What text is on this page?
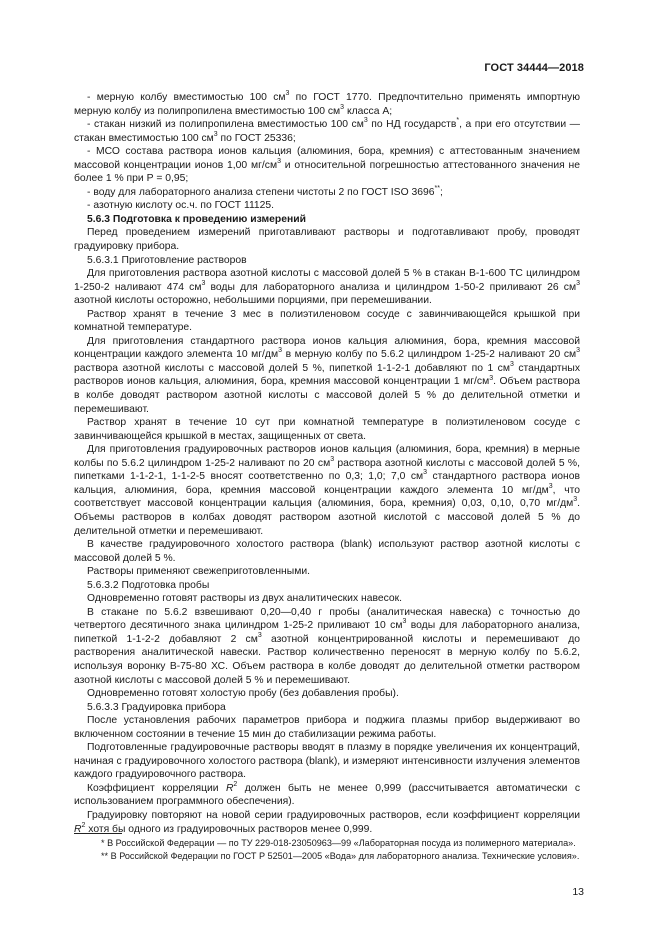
ГОСТ 34444—2018

- мерную колбу вместимостью 100 $см^3$ по ГОСТ 1770. Предпочтительно применять импортную мерную колбу из полипропилена вместимостью 100 $см^3$ класса А;

- стакан низкий из полипропилена вместимостью 100 $см^3$ по НД государств*, а при его отсутствии — стакан вместимостью 100 $см^3$ по ГОСТ 25336;

- МСО состава раствора ионов кальция (алюминия, бора, кремния) с аттестованным значением массовой концентрации ионов 1,00 $мг/см^3$ и относительной погрешностью аттестованного значения не более 1 % при Р = 0,95;

- воду для лабораторного анализа степени чистоты 2 по ГОСТ ISO 3696**;

- азотную кислоту ос.ч. по ГОСТ 11125.

5.6.3 Подготовка к проведению измерений

Перед проведением измерений приготавливают растворы и подготавливают пробу, проводят градуировку прибора.

5.6.3.1 Приготовление растворов

Для приготовления раствора азотной кислоты с массовой долей 5 % в стакан В-1-600 ТС цилиндром 1-250-2 наливают 474 $см^3$ воды для лабораторного анализа и цилиндром 1-50-2 приливают 26 $см^3$ азотной кислоты осторожно, небольшими порциями, при перемешивании.

Раствор хранят в течение 3 мес в полиэтиленовом сосуде с завинчивающейся крышкой при комнатной температуре.

Для приготовления стандартного раствора ионов кальция алюминия, бора, кремния массовой концентрации каждого элемента 10 $мг/дм^3$ в мерную колбу по 5.6.2 цилиндром 1-25-2 наливают 20 $см^3$ раствора азотной кислоты с массовой долей 5 %, пипеткой 1-1-2-1 добавляют по 1 $см^3$ стандартных растворов ионов кальция, алюминия, бора, кремния массовой концентрации 1 $мг/см^3$. Объем раствора в колбе доводят раствором азотной кислоты с массовой долей 5 % до делительной отметки и перемешивают.

Раствор хранят в течение 10 сут при комнатной температуре в полиэтиленовом сосуде с завинчивающейся крышкой в местах, защищенных от света.

Для приготовления градуировочных растворов ионов кальция (алюминия, бора, кремния) в мерные колбы по 5.6.2 цилиндром 1-25-2 наливают по 20 $см^3$ раствора азотной кислоты с массовой долей 5 %, пипетками 1-1-2-1, 1-1-2-5 вносят соответственно по 0,3; 1,0; 7,0 $см^3$ стандартного раствора ионов кальция, алюминия, бора, кремния массовой концентрации каждого элемента 10 $мг/дм^3$, что соответствует массовой концентрации кальция (алюминия, бора, кремния) 0,03, 0,10, 0,70 $мг/дм^3$. Объемы растворов в колбах доводят раствором азотной кислотой с массовой долей 5 % до делительной отметки и перемешивают.

В качестве градуировочного холостого раствора (blank) используют раствор азотной кислоты с массовой долей 5 %.

Растворы применяют свежеприготовленными.

5.6.3.2 Подготовка пробы

Одновременно готовят растворы из двух аналитических навесок.

В стакане по 5.6.2 взвешивают 0,20—0,40 г пробы (аналитическая навеска) с точностью до четвертого десятичного знака цилиндром 1-25-2 приливают 10 $см^3$ воды для лабораторного анализа, пипеткой 1-1-2-2 добавляют 2 $см^3$ азотной концентрированной кислоты и перемешивают до растворения аналитической навески. Раствор количественно переносят в мерную колбу по 5.6.2, используя воронку В-75-80 ХС. Объем раствора в колбе доводят до делительной отметки раствором азотной кислоты с массовой долей 5 % и перемешивают.

Одновременно готовят холостую пробу (без добавления пробы).

5.6.3.3 Градуировка прибора

После установления рабочих параметров прибора и поджига плазмы прибор выдерживают во включенном состоянии в течение 15 мин до стабилизации режима работы.

Подготовленные градуировочные растворы вводят в плазму в порядке увеличения их концентраций, начиная с градуировочного холостого раствора (blank), и измеряют интенсивности излучения элементов каждого градуировочного раствора.

Коэффициент корреляции $R^2$ должен быть не менее 0,999 (рассчитывается автоматически с использованием программного обеспечения).

Градуировку повторяют на новой серии градуировочных растворов, если коэффициент корреляции $R^2$ хотя бы одного из градуировочных растворов менее 0,999.

* В Российской Федерации — по ТУ 229-018-23050963—99 «Лабораторная посуда из полимерного материала».

** В Российской Федерации по ГОСТ Р 52501—2005 «Вода» для лабораторного анализа. Технические условия».

13
